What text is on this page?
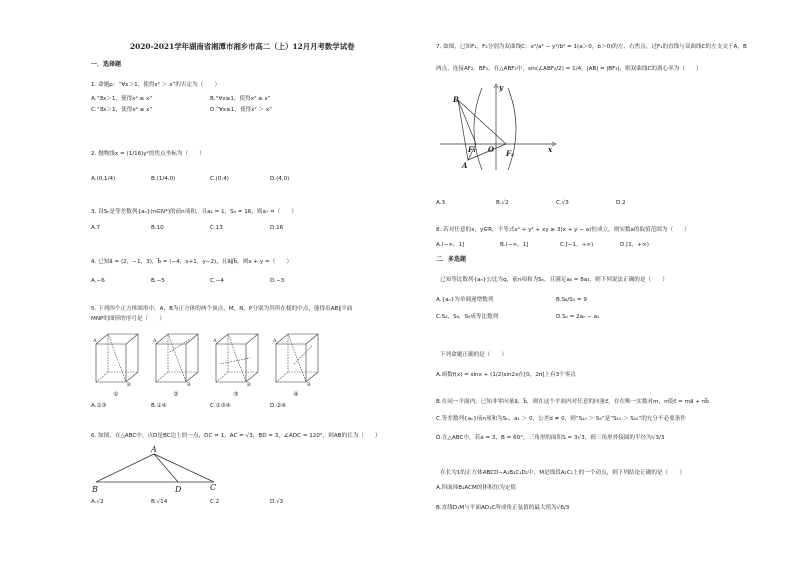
2020-2021学年湖南省湘潭市湘乡市高二（上）12月月考数学试卷
一．选择题
1. 命题p：“∀x＞1，使得x² ＞ x”的否定为（　　）
A.“∃x＞1，使得x² ≤ x”	B.“∀x≤1，使得x² ≤ x”
C.“∃x＞1，使得x² ≤ x”	D.“∀x≤1，使得x² ＞ x”
2. 抛物线x = (1/16)y²的焦点坐标为（　　）
A.(0,1/4)	B.(1/4,0)	C.(0,4)	D.(4,0)
3. 设Sₙ是等差数列{aₙ}(n∈N*)的前n项和，且a₁ = 1，S₄ = 16，则a₇ =（　　）
A.7	B.10	C.13	D.16
4. 已知a⃗ = (2，−1，3)，b⃗ = (−4，x+1，y−2)，且a⃗∥b⃗，则x + y =（　　）
A.−6	B.−5	C.−4	D.−3
5. 下列四个正方体图形中，A，B为正方体的两个顶点，M，N，P分别为其所在棱的中点，能得出AB∥平面
MNP的图形的序号是（　　）
A
B
A
B
A
B
A
B
①	②	③	④
A.①③	B.①④	C.①③④	D.②④
6. 如图，在△ABC中，点D是BC边上的一点，DC = 1，AC = √3，BD = 3，∠ADC = 120°，则AB的长为（　　）
A
B	D	C
A.√2	B.√14	C.2	D.√3
7. 如图，已知F₁，F₂分别为双曲线C：x²/a² − y²/b² = 1(a＞0，b＞0)的左、右焦点，过F₁的直线与双曲线C的左支交于A，B
两点，连接AF₂，BF₂，在△ABF₂中，sin(∠ABF₂/2) = 1/4，|AB| = |BF₂|，则双曲线C的离心率为（　　）
B
A
F₁	F₂
O	x
y
A.3	B.√2	C.√3	D.2
8. 若对任意的x，y∈R，不等式x² + y² + xy ≥ 3(x + y − a)恒成立，则实数a的取值范围为（　　）
A.(−∞，1]	B.(−∞，1]	C.[−1，+∞)	D.[1，+∞)
二．多选题
已知等比数列{aₙ}公比为q，前n项和为Sₙ，且满足a₆ = 8a₃，则下列说法正确的是（　　）
A.{aₙ}为单调递增数列	B.S₆/S₃ = 9
C.S₃，S₆，S₉成等比数列	D.Sₙ = 2aₙ − a₁
下列命题正确的是（　　）
A.函数f(x) = sinx + (1/2)sin2x在[0，2π]上有3个零点
B.在同一平面内，已知非零向量a⃗，b⃗，则在这个平面内对任意的向量c⃗，存在唯一实数对m，n使c⃗ = ma⃗ + nb⃗
C.等差数列{aₙ}前n项和为Sₙ，a₁ ＞ 0，公差d ≠ 0，则“S₁₀ ＞ S₉”是“S₁₁ ＞ S₁₀”的充分不必要条件
D.在△ABC中，若a = 3，B = 60°，三角形的面积S = 3√3，则三角形外接圆的半径为√3/3
在长为1的正方体ABCD−A₁B₁C₁D₁中，M是线段A₁C₁上的一个动点，则下列结论正确的是（　　）
A.四面体B₁ACM的体积恒为定值
B.直线D₁M与平面AD₁C所成角正弦值的最大值为√6/3
